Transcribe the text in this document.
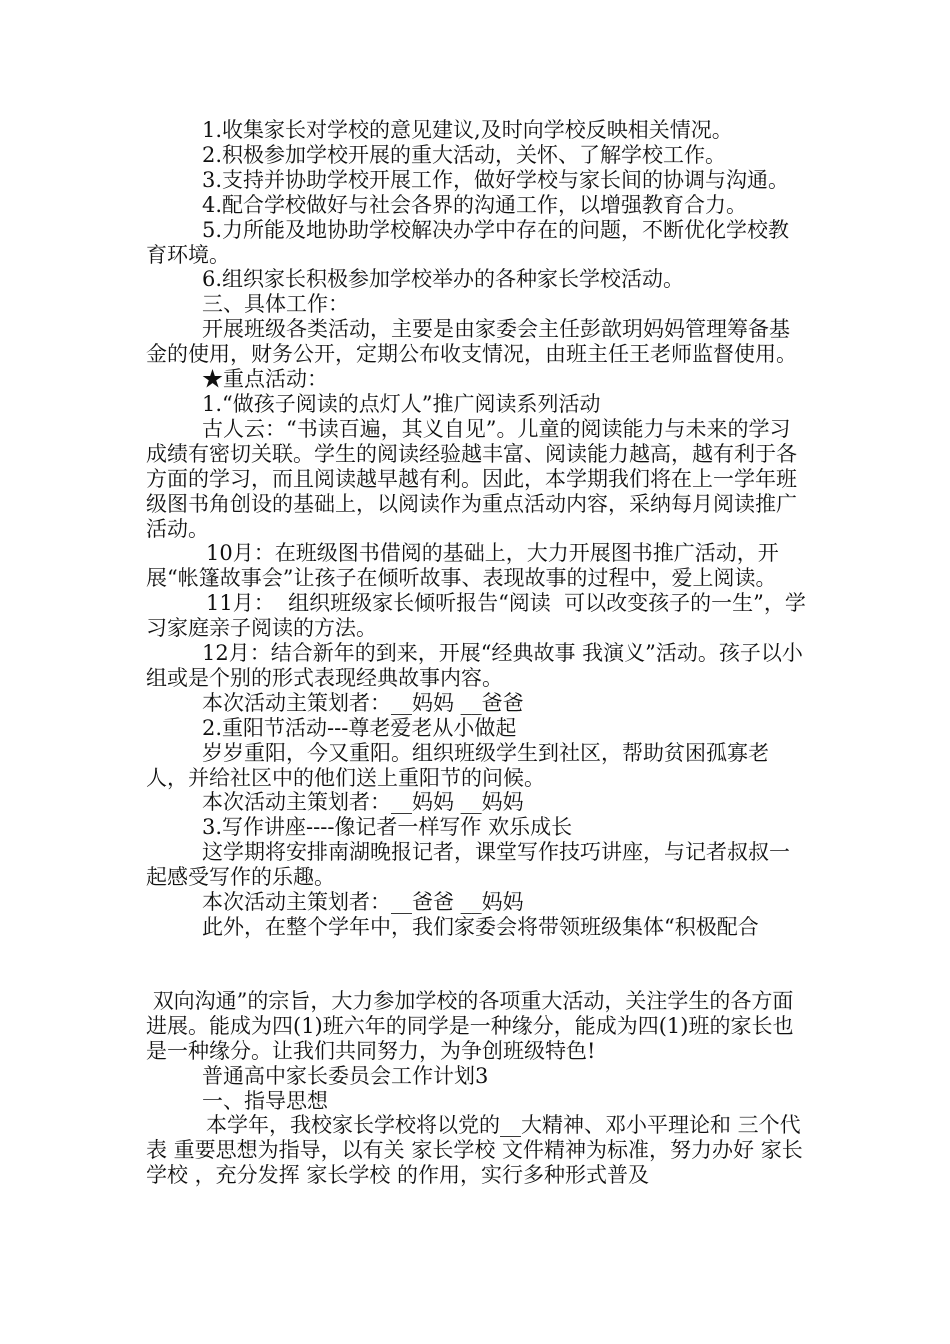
1.收集家长对学校的意见建议,及时向学校反映相关情况。

2.积极参加学校开展的重大活动，关怀、了解学校工作。

3.支持并协助学校开展工作，做好学校与家长间的协调与沟通。

4.配合学校做好与社会各界的沟通工作，以增强教育合力。

5.力所能及地协助学校解决办学中存在的问题，不断优化学校教育环境。

6.组织家长积极参加学校举办的各种家长学校活动。

三、具体工作：

开展班级各类活动，主要是由家委会主任彭歆玥妈妈管理筹备基金的使用，财务公开，定期公布收支情况，由班主任王老师监督使用。

★重点活动：

1.“做孩子阅读的点灯人”推广阅读系列活动

古人云：“书读百遍，其义自见”。儿童的阅读能力与未来的学习成绩有密切关联。学生的阅读经验越丰富、阅读能力越高，越有利于各方面的学习，而且阅读越早越有利。因此，本学期我们将在上一学年班级图书角创设的基础上，以阅读作为重点活动内容，采纳每月阅读推广活动。

10月：在班级图书借阅的基础上，大力开展图书推广活动，开展“帐篷故事会”让孩子在倾听故事、表现故事的过程中，爱上阅读。

11月：  组织班级家长倾听报告“阅读  可以改变孩子的一生”，学习家庭亲子阅读的方法。

12月：结合新年的到来，开展“经典故事 我演义”活动。孩子以小组或是个别的形式表现经典故事内容。

本次活动主策划者：__妈妈 __爸爸

2.重阳节活动---尊老爱老从小做起

岁岁重阳，今又重阳。组织班级学生到社区，帮助贫困孤寡老人，并给社区中的他们送上重阳节的问候。

本次活动主策划者：__妈妈 __妈妈

3.写作讲座----像记者一样写作 欢乐成长

这学期将安排南湖晚报记者，课堂写作技巧讲座，与记者叔叔一起感受写作的乐趣。

本次活动主策划者：__爸爸 __妈妈

此外，在整个学年中，我们家委会将带领班级集体“积极配合

双向沟通”的宗旨，大力参加学校的各项重大活动，关注学生的各方面进展。能成为四(1)班六年的同学是一种缘分，能成为四(1)班的家长也是一种缘分。让我们共同努力，为争创班级特色!

普通高中家长委员会工作计划3

一、指导思想

本学年，我校家长学校将以党的__大精神、邓小平理论和 三个代表 重要思想为指导，以有关 家长学校 文件精神为标准，努力办好 家长学校 ，充分发挥 家长学校 的作用，实行多种形式普及
